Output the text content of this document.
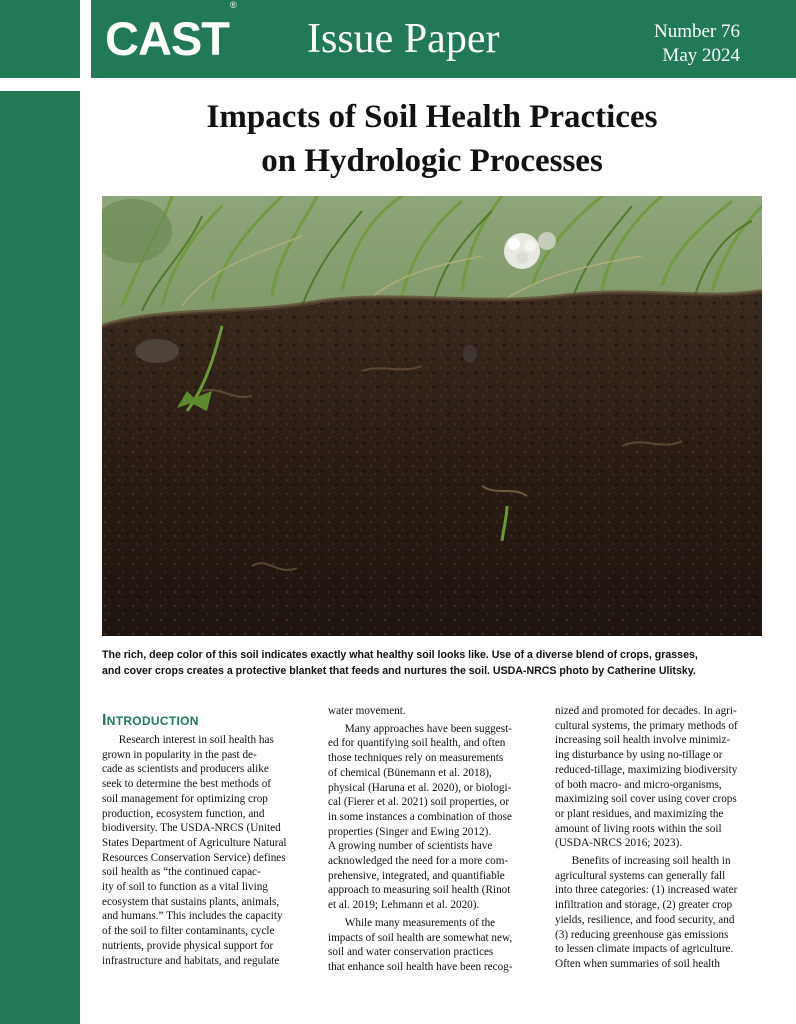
CAST®
Issue Paper	Number 76
May 2024
Impacts of Soil Health Practices
on Hydrologic Processes
The rich, deep color of this soil indicates exactly what healthy soil looks like. Use of a diverse blend of crops, grasses,
and cover crops creates a protective blanket that feeds and nurtures the soil. USDA-NRCS photo by Catherine Ulitsky.
INTRODUCTION
  Research interest in soil health has
grown in popularity in the past de-
cade as scientists and producers alike
seek to determine the best methods of
soil management for optimizing crop
production, ecosystem function, and
biodiversity. The USDA-NRCS (United
States Department of Agriculture Natural
Resources Conservation Service) defines
soil health as “the continued capac-
ity of soil to function as a vital living
ecosystem that sustains plants, animals,
and humans.” This includes the capacity
of the soil to filter contaminants, cycle
nutrients, provide physical support for
infrastructure and habitats, and regulate
water movement.
  Many approaches have been suggest-
ed for quantifying soil health, and often
those techniques rely on measurements
of chemical (Bünemann et al. 2018),
physical (Haruna et al. 2020), or biologi-
cal (Fierer et al. 2021) soil properties, or
in some instances a combination of those
properties (Singer and Ewing 2012).
A growing number of scientists have
acknowledged the need for a more com-
prehensive, integrated, and quantifiable
approach to measuring soil health (Rinot
et al. 2019; Lehmann et al. 2020).
  While many measurements of the
impacts of soil health are somewhat new,
soil and water conservation practices
that enhance soil health have been recog-
nized and promoted for decades. In agri-
cultural systems, the primary methods of
increasing soil health involve minimiz-
ing disturbance by using no-tillage or
reduced-tillage, maximizing biodiversity
of both macro- and micro-organisms,
maximizing soil cover using cover crops
or plant residues, and maximizing the
amount of living roots within the soil
(USDA-NRCS 2016; 2023).
  Benefits of increasing soil health in
agricultural systems can generally fall
into three categories: (1) increased water
infiltration and storage, (2) greater crop
yields, resilience, and food security, and
(3) reducing greenhouse gas emissions
to lessen climate impacts of agriculture.
Often when summaries of soil health
